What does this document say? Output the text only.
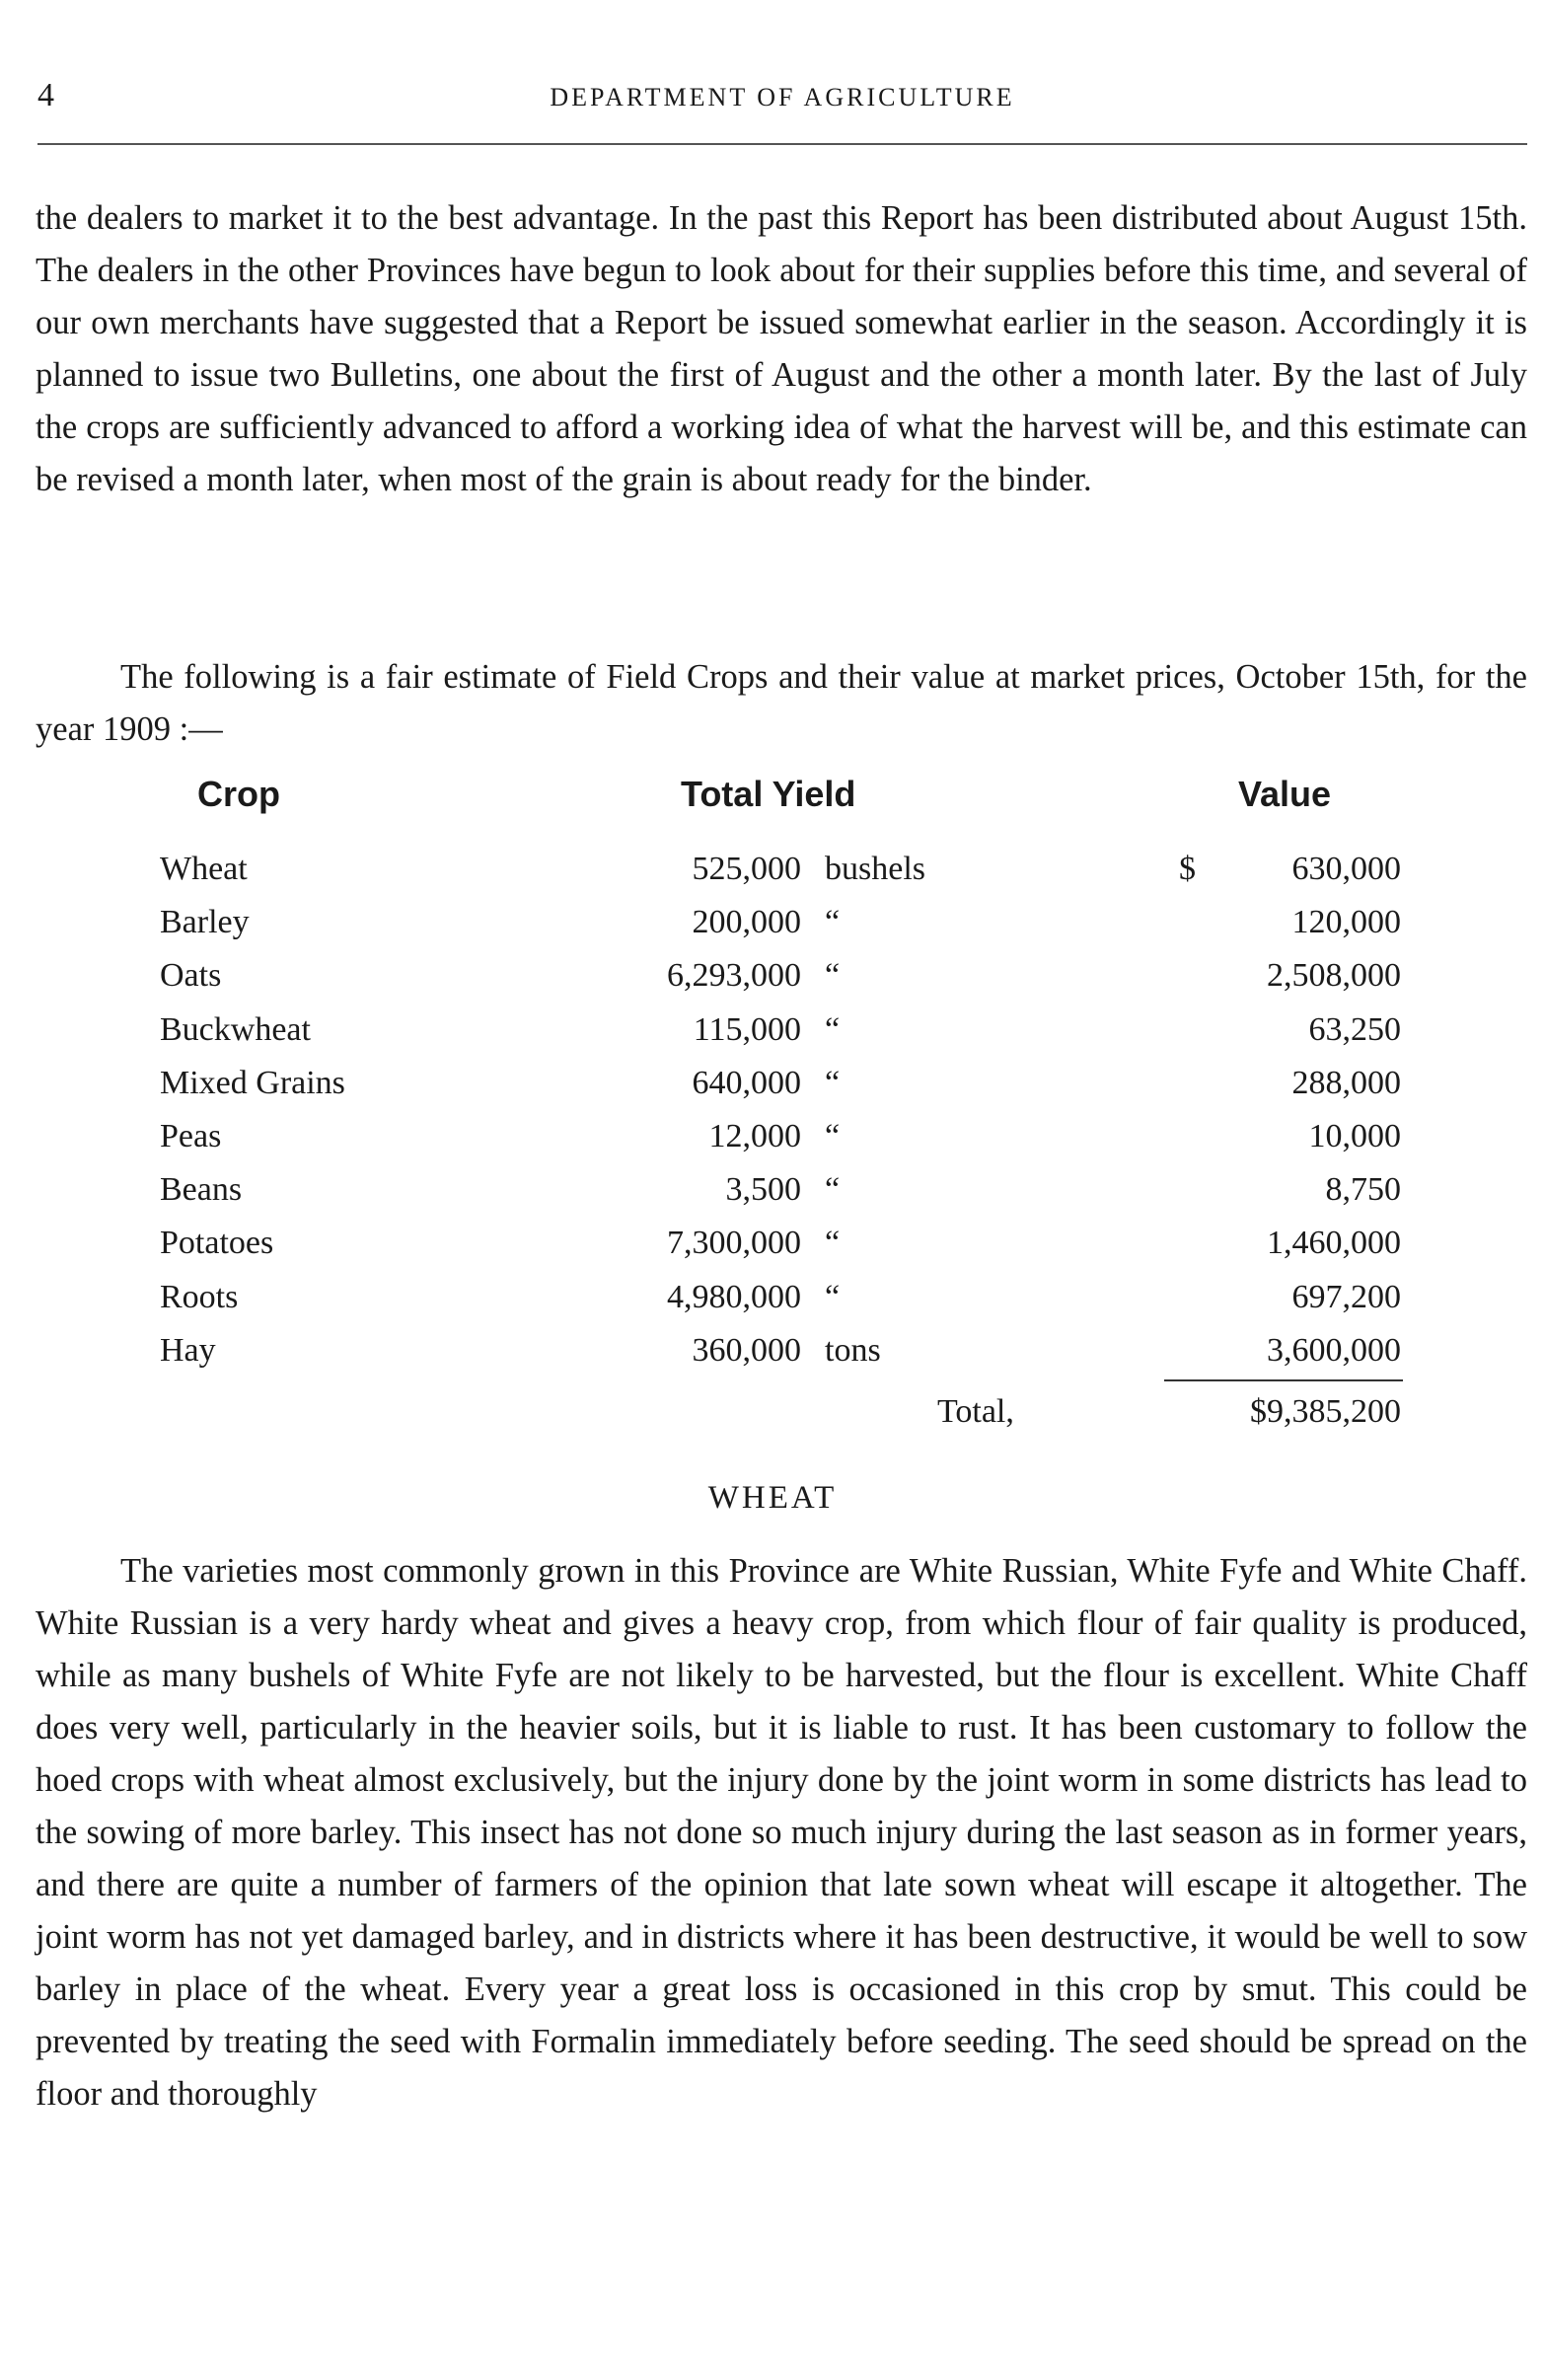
4	DEPARTMENT OF AGRICULTURE

the dealers to market it to the best advantage. In the past this Report has been distributed about August 15th. The dealers in the other Provinces have begun to look about for their supplies before this time, and several of our own merchants have suggested that a Report be issued somewhat earlier in the season. Accordingly it is planned to issue two Bulletins, one about the first of August and the other a month later. By the last of July the crops are sufficiently advanced to afford a working idea of what the harvest will be, and this estimate can be revised a month later, when most of the grain is about ready for the binder.

The following is a fair estimate of Field Crops and their value at market prices, October 15th, for the year 1909 :—

Crop	Total Yield	Value
Wheat	525,000 bushels	$	630,000
Barley	200,000 “	120,000
Oats	6,293,000 “	2,508,000
Buckwheat	115,000 “	63,250
Mixed Grains	640,000 “	288,000
Peas	12,000 “	10,000
Beans	3,500 “	8,750
Potatoes	7,300,000 “	1,460,000
Roots	4,980,000 “	697,200
Hay	360,000 tons	3,600,000
Total,	$9,385,200
WHEAT

The varieties most commonly grown in this Province are White Russian, White Fyfe and White Chaff. White Russian is a very hardy wheat and gives a heavy crop, from which flour of fair quality is produced, while as many bushels of White Fyfe are not likely to be harvested, but the flour is excellent. White Chaff does very well, particularly in the heavier soils, but it is liable to rust. It has been customary to follow the hoed crops with wheat almost exclusively, but the injury done by the joint worm in some districts has lead to the sowing of more barley. This insect has not done so much injury during the last season as in former years, and there are quite a number of farmers of the opinion that late sown wheat will escape it altogether. The joint worm has not yet damaged barley, and in districts where it has been destructive, it would be well to sow barley in place of the wheat. Every year a great loss is occasioned in this crop by smut. This could be prevented by treating the seed with Formalin immediately before seeding. The seed should be spread on the floor and thoroughly
